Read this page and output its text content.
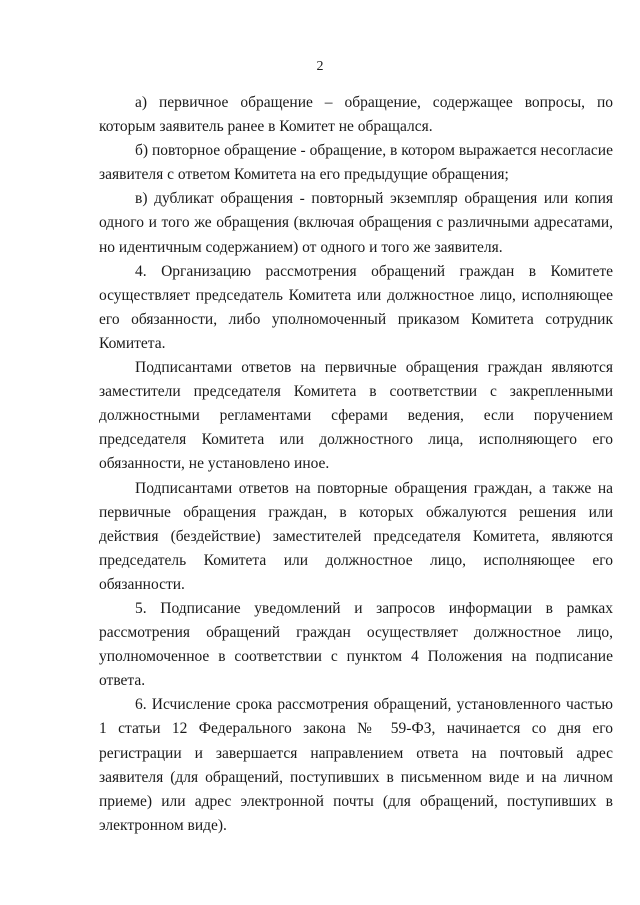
2

а) первичное обращение – обращение, содержащее вопросы, по которым заявитель ранее в Комитет не обращался.

б) повторное обращение - обращение, в котором выражается несогласие заявителя с ответом Комитета на его предыдущие обращения;

в) дубликат обращения - повторный экземпляр обращения или копия одного и того же обращения (включая обращения с различными адресатами, но идентичным содержанием) от одного и того же заявителя.

4. Организацию рассмотрения обращений граждан в Комитете осуществляет председатель Комитета или должностное лицо, исполняющее его обязанности, либо уполномоченный приказом Комитета сотрудник Комитета.

Подписантами ответов на первичные обращения граждан являются заместители председателя Комитета в соответствии с закрепленными должностными регламентами сферами ведения, если поручением председателя Комитета или должностного лица, исполняющего его обязанности, не установлено иное.

Подписантами ответов на повторные обращения граждан, а также на первичные обращения граждан, в которых обжалуются решения или действия (бездействие) заместителей председателя Комитета, являются председатель Комитета или должностное лицо, исполняющее его обязанности.

5. Подписание уведомлений и запросов информации в рамках рассмотрения обращений граждан осуществляет должностное лицо, уполномоченное в соответствии с пунктом 4 Положения на подписание ответа.

6. Исчисление срока рассмотрения обращений, установленного частью 1 статьи 12 Федерального закона № 59-ФЗ, начинается со дня его регистрации и завершается направлением ответа на почтовый адрес заявителя (для обращений, поступивших в письменном виде и на личном приеме) или адрес электронной почты (для обращений, поступивших в электронном виде).
